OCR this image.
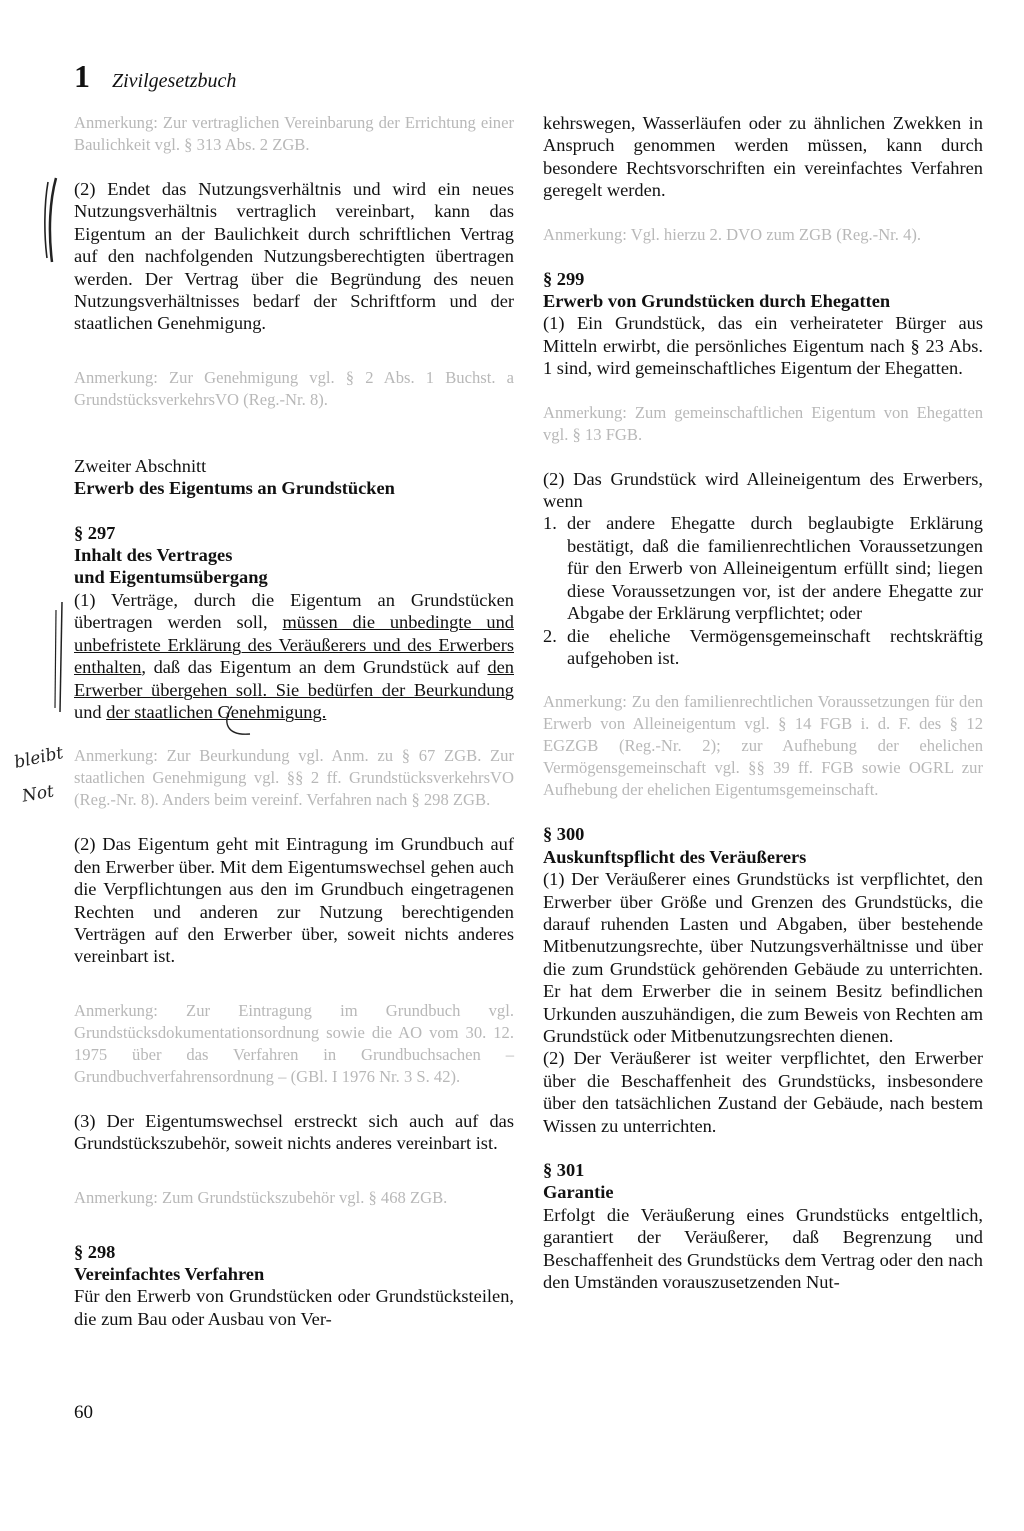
1 Zivilgesetzbuch

Anmerkung: Zur vertraglichen Vereinbarung der Errichtung einer Baulichkeit vgl. § 313 Abs. 2 ZGB.

(2) Endet das Nutzungsverhältnis und wird ein neues Nutzungsverhältnis vertraglich vereinbart, kann das Eigentum an der Baulichkeit durch schriftlichen Vertrag auf den nachfolgenden Nutzungsberechtigten übertragen werden. Der Vertrag über die Begründung des neuen Nutzungsverhältnisses bedarf der Schriftform und der staatlichen Genehmigung.

Anmerkung: Zur Genehmigung vgl. § 2 Abs. 1 Buchst. a GrundstücksverkehrsVO (Reg.-Nr. 8).

Zweiter Abschnitt

Erwerb des Eigentums an Grundstücken

§ 297

Inhalt des Vertrages

und Eigentumsübergang

(1) Verträge, durch die Eigentum an Grundstücken übertragen werden soll, müssen die unbedingte und unbefristete Erklärung des Veräußerers und des Erwerbers enthalten, daß das Eigentum an dem Grundstück auf den Erwerber übergehen soll. Sie bedürfen der Beurkundung und der staatlichen Genehmigung.

Anmerkung: Zur Beurkundung vgl. Anm. zu § 67 ZGB. Zur staatlichen Genehmigung vgl. §§ 2 ff. GrundstücksverkehrsVO (Reg.-Nr. 8). Anders beim vereinf. Verfahren nach § 298 ZGB.

(2) Das Eigentum geht mit Eintragung im Grundbuch auf den Erwerber über. Mit dem Eigentumswechsel gehen auch die Verpflichtungen aus den im Grundbuch eingetragenen Rechten und anderen zur Nutzung berechtigenden Verträgen auf den Erwerber über, soweit nichts anderes vereinbart ist.

Anmerkung: Zur Eintragung im Grundbuch vgl. Grundstücksdokumentationsordnung sowie die AO vom 30. 12. 1975 über das Verfahren in Grundbuchsachen – Grundbuchverfahrensordnung – (GBl. I 1976 Nr. 3 S. 42).

(3) Der Eigentumswechsel erstreckt sich auch auf das Grundstückszubehör, soweit nichts anderes vereinbart ist.

Anmerkung: Zum Grundstückszubehör vgl. § 468 ZGB.

§ 298

Vereinfachtes Verfahren

Für den Erwerb von Grundstücken oder Grundstücksteilen, die zum Bau oder Ausbau von Ver-

kehrswegen, Wasserläufen oder zu ähnlichen Zwekken in Anspruch genommen werden müssen, kann durch besondere Rechtsvorschriften ein vereinfachtes Verfahren geregelt werden.

Anmerkung: Vgl. hierzu 2. DVO zum ZGB (Reg.-Nr. 4).

§ 299

Erwerb von Grundstücken durch Ehegatten

(1) Ein Grundstück, das ein verheirateter Bürger aus Mitteln erwirbt, die persönliches Eigentum nach § 23 Abs. 1 sind, wird gemeinschaftliches Eigentum der Ehegatten.

Anmerkung: Zum gemeinschaftlichen Eigentum von Ehegatten vgl. § 13 FGB.

(2) Das Grundstück wird Alleineigentum des Erwerbers, wenn

1. der andere Ehegatte durch beglaubigte Erklärung bestätigt, daß die familienrechtlichen Voraussetzungen für den Erwerb von Alleineigentum erfüllt sind; liegen diese Voraussetzungen vor, ist der andere Ehegatte zur Abgabe der Erklärung verpflichtet; oder
2. die eheliche Vermögensgemeinschaft rechtskräftig aufgehoben ist.

Anmerkung: Zu den familienrechtlichen Voraussetzungen für den Erwerb von Alleineigentum vgl. § 14 FGB i. d. F. des § 12 EGZGB (Reg.-Nr. 2); zur Aufhebung der ehelichen Vermögensgemeinschaft vgl. §§ 39 ff. FGB sowie OGRL zur Aufhebung der ehelichen Eigentumsgemeinschaft.

§ 300

Auskunftspflicht des Veräußerers

(1) Der Veräußerer eines Grundstücks ist verpflichtet, den Erwerber über Größe und Grenzen des Grundstücks, die darauf ruhenden Lasten und Abgaben, über bestehende Mitbenutzungsrechte, über Nutzungsverhältnisse und über die zum Grundstück gehörenden Gebäude zu unterrichten. Er hat dem Erwerber die in seinem Besitz befindlichen Urkunden auszuhändigen, die zum Beweis von Rechten am Grundstück oder Mitbenutzungsrechten dienen.

(2) Der Veräußerer ist weiter verpflichtet, den Erwerber über die Beschaffenheit des Grundstücks, insbesondere über den tatsächlichen Zustand der Gebäude, nach bestem Wissen zu unterrichten.

§ 301

Garantie

Erfolgt die Veräußerung eines Grundstücks entgeltlich, garantiert der Veräußerer, daß Begrenzung und Beschaffenheit des Grundstücks dem Vertrag oder den nach den Umständen vorauszusetzenden Nut-

60
bleibt
Not
